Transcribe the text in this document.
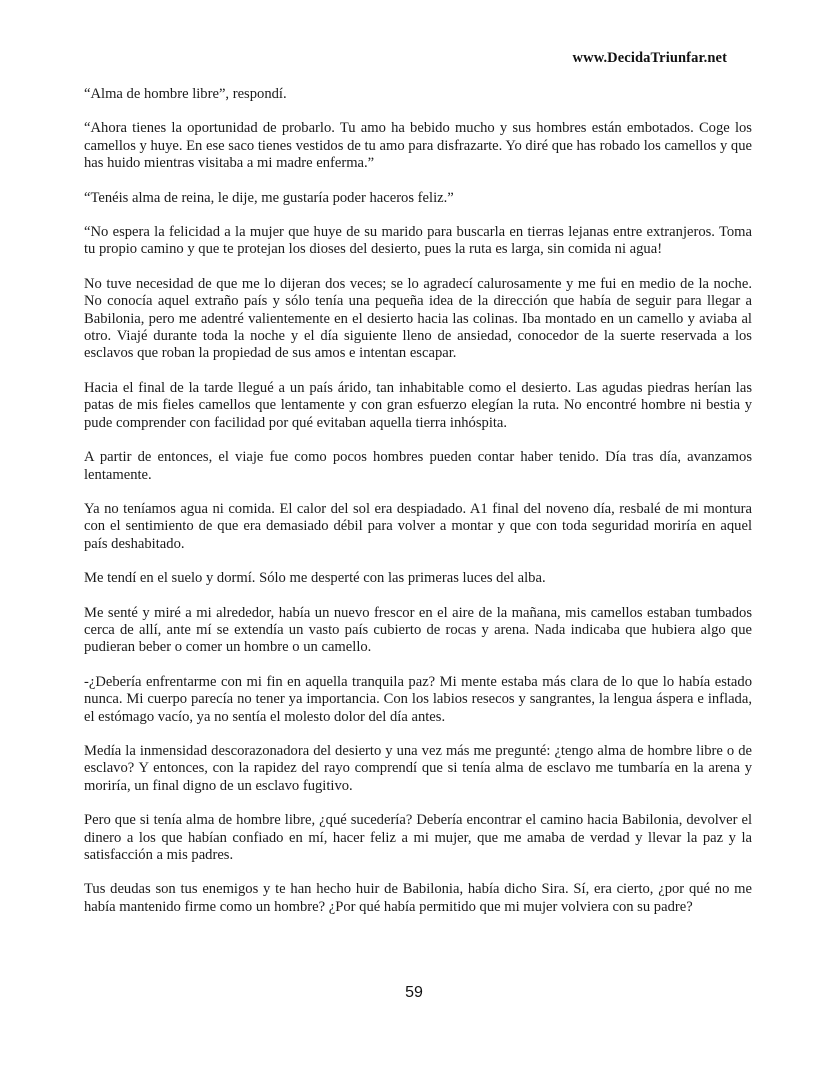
www.DecidaTriunfar.net

“Alma de hombre libre”, respondí.

“Ahora tienes la oportunidad de probarlo. Tu amo ha bebido mucho y sus hombres están embotados. Coge los camellos y huye. En ese saco tienes vestidos de tu amo para disfrazarte. Yo diré que has robado los camellos y que has huido mientras visitaba a mi madre enferma.”

“Tenéis alma de reina, le dije, me gustaría poder haceros feliz.”

“No espera la felicidad a la mujer que huye de su marido para buscarla en tierras lejanas entre extranjeros. Toma tu propio camino y que te protejan los dioses del desierto, pues la ruta es larga, sin comida ni agua!

No tuve necesidad de que me lo dijeran dos veces; se lo agradecí calurosamente y me fui en medio de la noche. No conocía aquel extraño país y sólo tenía una pequeña idea de la dirección que había de seguir para llegar a Babilonia, pero me adentré valientemente en el desierto hacia las colinas. Iba montado en un camello y aviaba al otro. Viajé durante toda la noche y el día siguiente lleno de ansiedad, conocedor de la suerte reservada a los esclavos que roban la propiedad de sus amos e intentan escapar.

Hacia el final de la tarde llegué a un país árido, tan inhabitable como el desierto. Las agudas piedras herían las patas de mis fieles camellos que lentamente y con gran esfuerzo elegían la ruta. No encontré hombre ni bestia y pude comprender con facilidad por qué evitaban aquella tierra inhóspita.

A partir de entonces, el viaje fue como pocos hombres pueden contar haber tenido. Día tras día, avanzamos lentamente.

Ya no teníamos agua ni comida. El calor del sol era despiadado. A1 final del noveno día, resbalé de mi montura con el sentimiento de que era demasiado débil para volver a montar y que con toda seguridad moriría en aquel país deshabitado.

Me tendí en el suelo y dormí. Sólo me desperté con las primeras luces del alba.

Me senté y miré a mi alrededor, había un nuevo frescor en el aire de la mañana, mis camellos estaban tumbados cerca de allí, ante mí se extendía un vasto país cubierto de rocas y arena. Nada indicaba que hubiera algo que pudieran beber o comer un hombre o un camello.

-¿Debería enfrentarme con mi fin en aquella tranquila paz? Mi mente estaba más clara de lo que lo había estado nunca. Mi cuerpo parecía no tener ya importancia. Con los labios resecos y sangrantes, la lengua áspera e inflada, el estómago vacío, ya no sentía el molesto dolor del día antes.

Medía la inmensidad descorazonadora del desierto y una vez más me pregunté: ¿tengo alma de hombre libre o de esclavo? Y entonces, con la rapidez del rayo comprendí que si tenía alma de esclavo me tumbaría en la arena y moriría, un final digno de un esclavo fugitivo.

Pero que si tenía alma de hombre libre, ¿qué sucedería? Debería encontrar el camino hacia Babilonia, devolver el dinero a los que habían confiado en mí, hacer feliz a mi mujer, que me amaba de verdad y llevar la paz y la satisfacción a mis padres.

Tus deudas son tus enemigos y te han hecho huir de Babilonia, había dicho Sira. Sí, era cierto, ¿por qué no me había mantenido firme como un hombre? ¿Por qué había permitido que mi mujer volviera con su padre?

59
